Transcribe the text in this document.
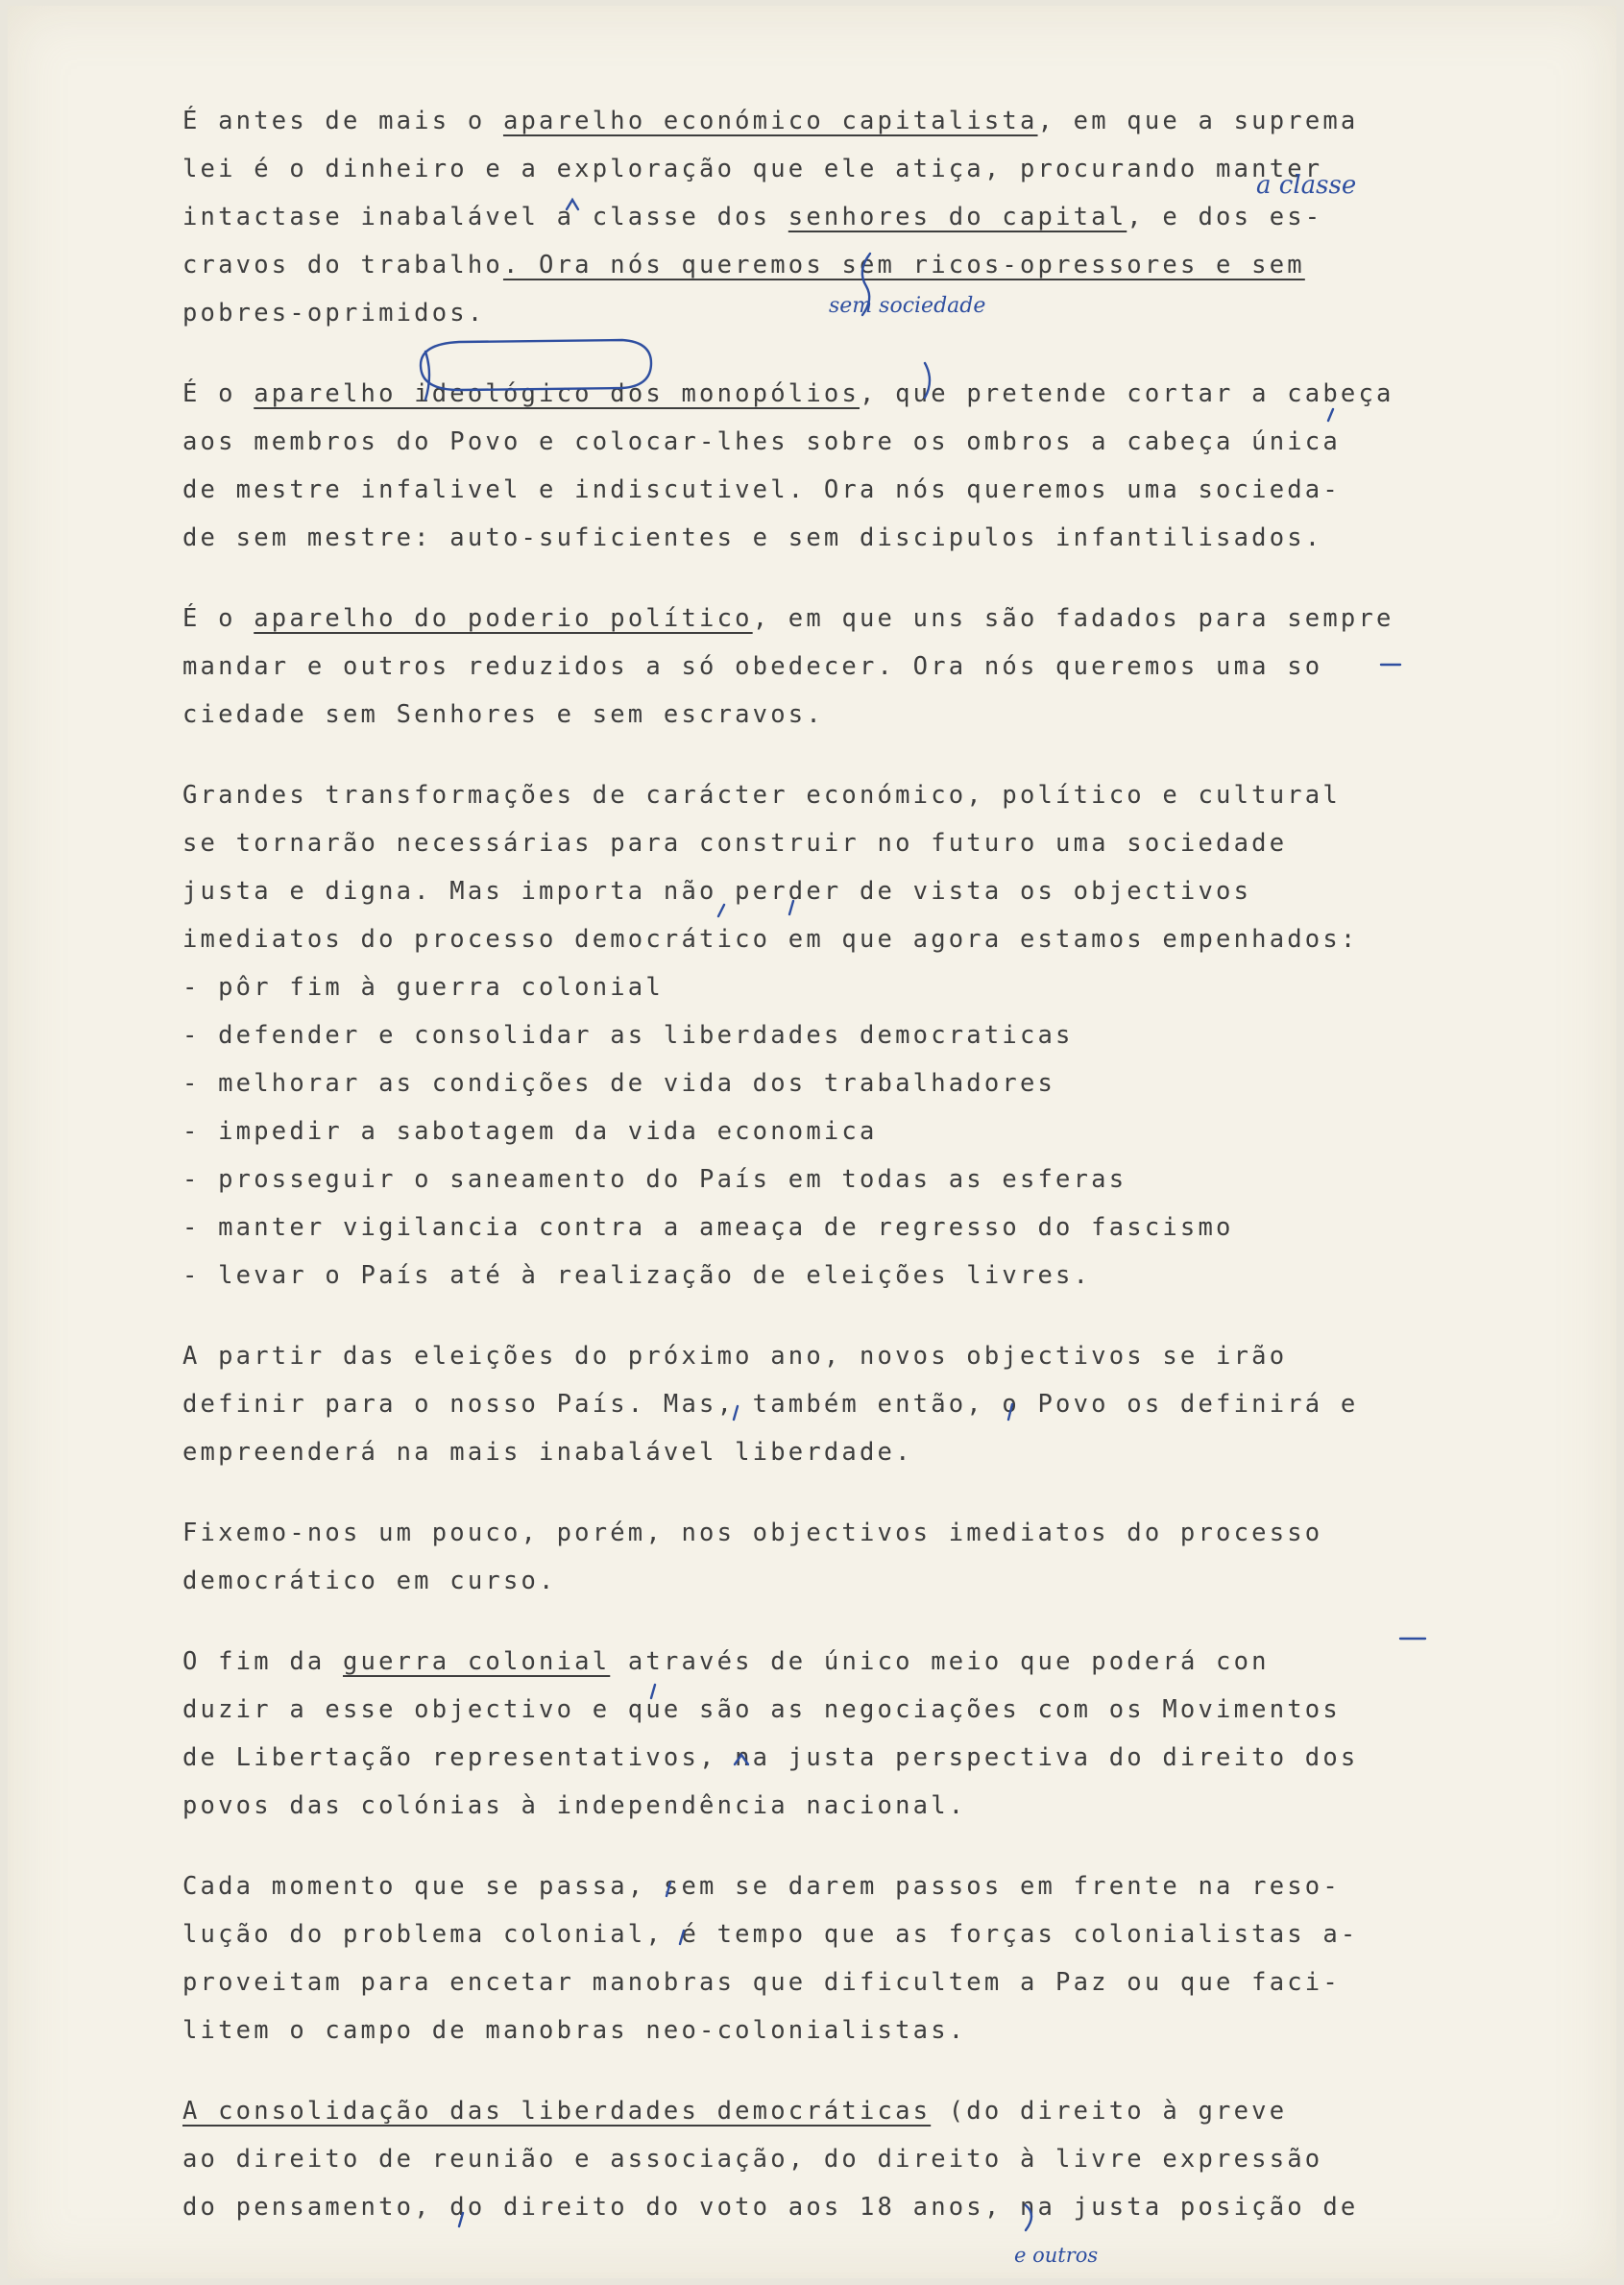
É antes de mais o aparelho económico capitalista, em que a suprema

lei é o dinheiro e a exploração que ele atiça, procurando manter

intactase inabalável a classe dos senhores do capital, e dos es-

cravos do trabalho. Ora nós queremos sem ricos-opressores e sem

pobres-oprimidos.

É o aparelho ideológico dos monopólios, que pretende cortar a cabeça

aos membros do Povo e colocar-lhes sobre os ombros a cabeça única

de mestre infalivel e indiscutivel. Ora nós queremos uma socieda-

de sem mestre: auto-suficientes e sem discipulos infantilisados.

É o aparelho do poderio político, em que uns são fadados para sempre

mandar e outros reduzidos a só obedecer. Ora nós queremos uma so

ciedade sem Senhores e sem escravos.

Grandes transformações de carácter económico, político e cultural

se tornarão necessárias para construir no futuro uma sociedade

justa e digna. Mas importa não perder de vista os objectivos

imediatos do processo democrático em que agora estamos empenhados:

- pôr fim à guerra colonial

- defender e consolidar as liberdades democraticas

- melhorar as condições de vida dos trabalhadores

- impedir a sabotagem da vida economica

- prosseguir o saneamento do País em todas as esferas

- manter vigilancia contra a ameaça de regresso do fascismo

- levar o País até à realização de eleições livres.

A partir das eleições do próximo ano, novos objectivos se irão

definir para o nosso País. Mas, também então, o Povo os definirá e

empreenderá na mais inabalável liberdade.

Fixemo-nos um pouco, porém, nos objectivos imediatos do processo

democrático em curso.

O fim da guerra colonial através de único meio que poderá con

duzir a esse objectivo e que são as negociações com os Movimentos

de Libertação representativos, na justa perspectiva do direito dos

povos das colónias à independência nacional.

Cada momento que se passa, sem se darem passos em frente na reso-

lução do problema colonial, é tempo que as forças colonialistas a-

proveitam para encetar manobras que dificultem a Paz ou que faci-

litem o campo de manobras neo-colonialistas.

A consolidação das liberdades democráticas (do direito à greve

ao direito de reunião e associação, do direito à livre expressão

do pensamento, do direito do voto aos 18 anos, na justa posição de

a classe
sem sociedade
e outros
